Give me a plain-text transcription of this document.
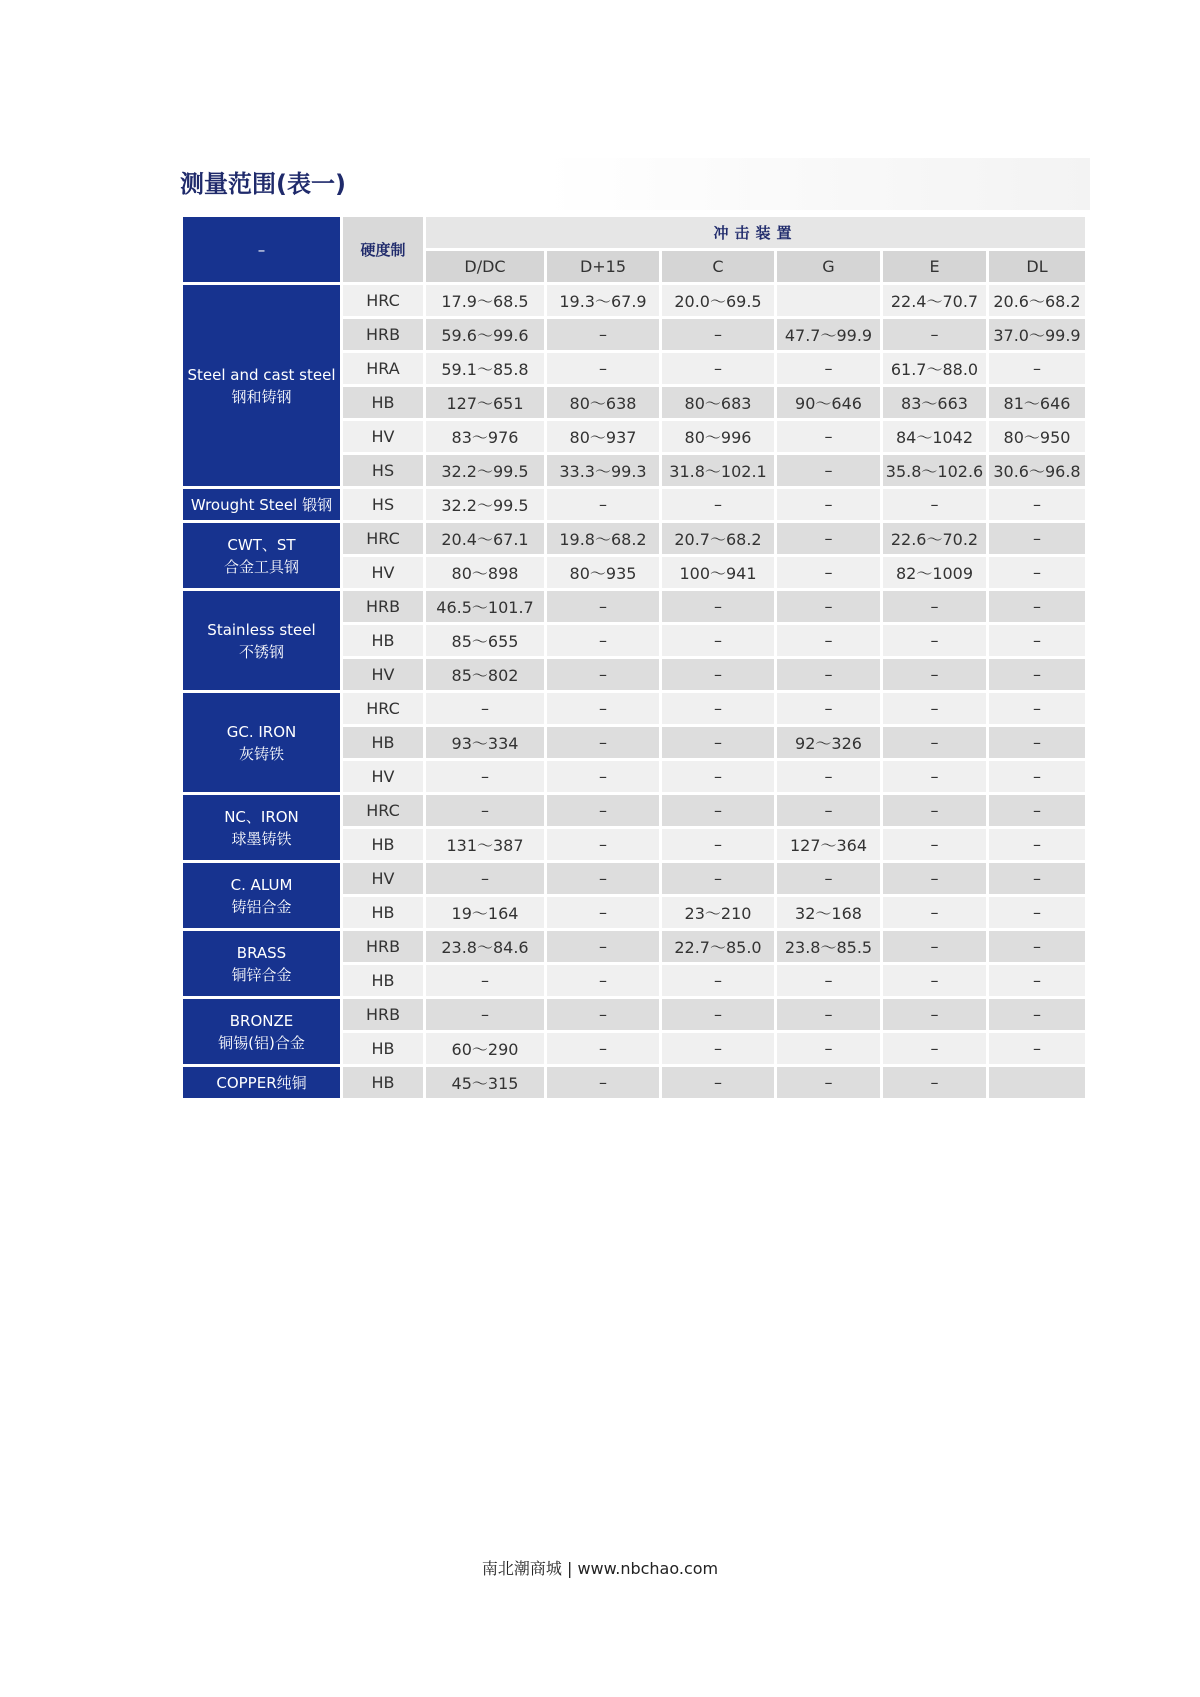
测量范围(表一)
–	硬度制	冲击装置					
		D/DC	D+15	C	G	E	DL

Steel and cast steel
钢和铸钢	HRC	17.9～68.5	19.3～67.9	20.0～69.5		22.4～70.7	20.6～68.2
	HRB	59.6～99.6	–	–	47.7～99.9	–	37.0～99.9
	HRA	59.1～85.8	–	–	–	61.7～88.0	–
	HB	127～651	80～638	80～683	90～646	83～663	81～646
	HV	83～976	80～937	80～996	–	84～1042	80～950
	HS	32.2～99.5	33.3～99.3	31.8～102.1	–	35.8～102.6	30.6～96.8

Wrought Steel 锻钢	HS	32.2～99.5	–	–	–	–	–

CWT、ST
合金工具钢	HRC	20.4～67.1	19.8～68.2	20.7～68.2	–	22.6～70.2	–
	HV	80～898	80～935	100～941	–	82～1009	–

Stainless steel
不锈钢	HRB	46.5～101.7	–	–	–	–	–
	HB	85～655	–	–	–	–	–
	HV	85～802	–	–	–	–	–

GC. IRON
灰铸铁	HRC	–	–	–	–	–	–
	HB	93～334	–	–	92～326	–	–
	HV	–	–	–	–	–	–

NC、IRON
球墨铸铁	HRC	–	–	–	–	–	–
	HB	131～387	–	–	127～364	–	–

C. ALUM
铸铝合金	HV	–	–	–	–	–	–
	HB	19～164	–	23～210	32～168	–	–

BRASS
铜锌合金	HRB	23.8～84.6	–	22.7～85.0	23.8～85.5	–	–
	HB	–	–	–	–	–	–

BRONZE
铜锡(铝)合金	HRB	–	–	–	–	–	–
	HB	60～290	–	–	–	–	–

COPPER纯铜	HB	45～315	–	–	–	–	
南北潮商城 | www.nbchao.com
